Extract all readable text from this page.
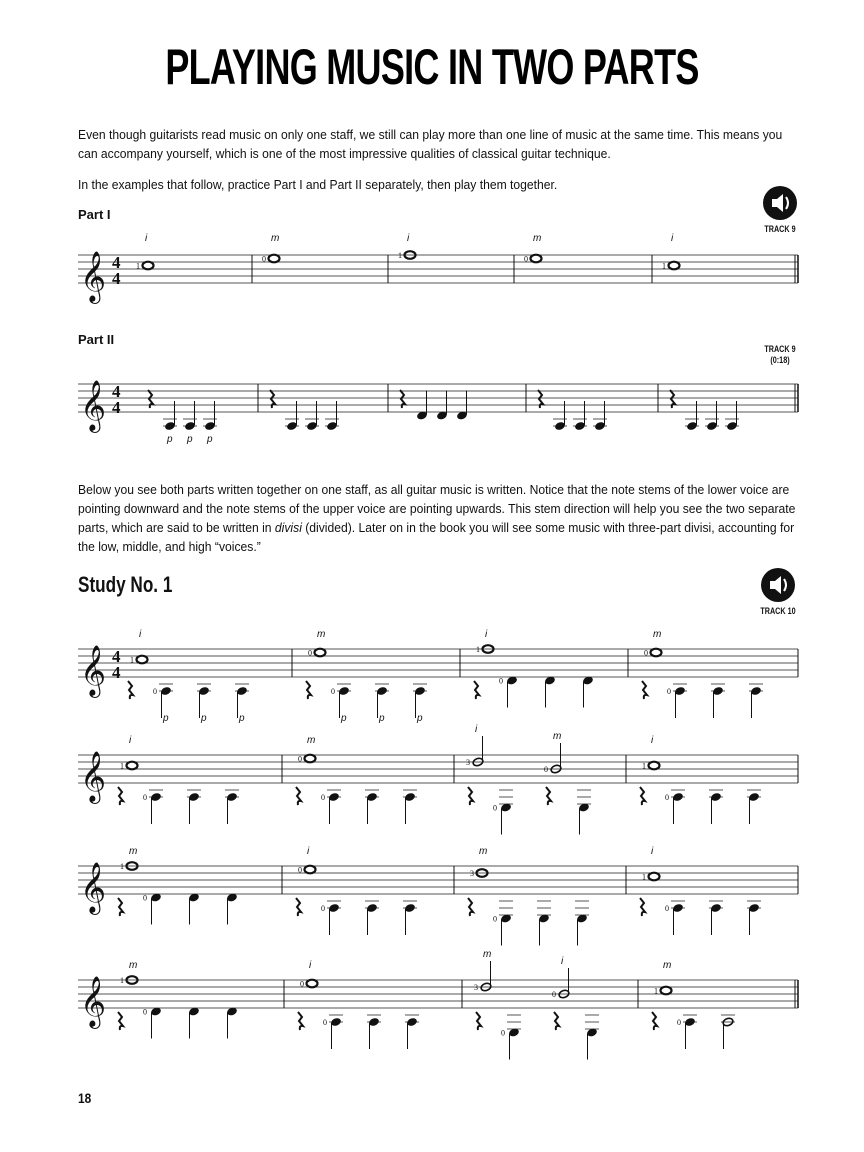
PLAYING MUSIC IN TWO PARTS
Even though guitarists read music on only one staff, we still can play more than one line of music at the same time. This means you can accompany yourself, which is one of the most impressive qualities of classical guitar technique.
In the examples that follow, practice Part I and Part II separately, then play them together.
Part I
TRACK 9
Part II
TRACK 9
(0:18)
Below you see both parts written together on one staff, as all guitar music is written. Notice that the note stems of the lower voice are pointing downward and the note stems of the upper voice are pointing upwards. This stem direction will help you see the two separate parts, which are said to be written in divisi (divided). Later on in the book you will see some music with three-part divisi, accounting for the low, middle, and high “voices.”
Study No. 1
TRACK 10
𝄞 4
4
1
i
0
m
1
i
0
m
1
i
𝄞 4
4
p p p
𝄞 4
4
1
i
0
p	p	p
0
m
0
p	p	p
1
i
0
0
m
0
𝄞 1
i
0
0
m
0
3
i
0
m
0
1
i
0
𝄞 1
m
0
0
i
0
3
m
0
1
i
0
𝄞 1
m
0
0
i
0
3
m
0
i
0
1
m
0
18
